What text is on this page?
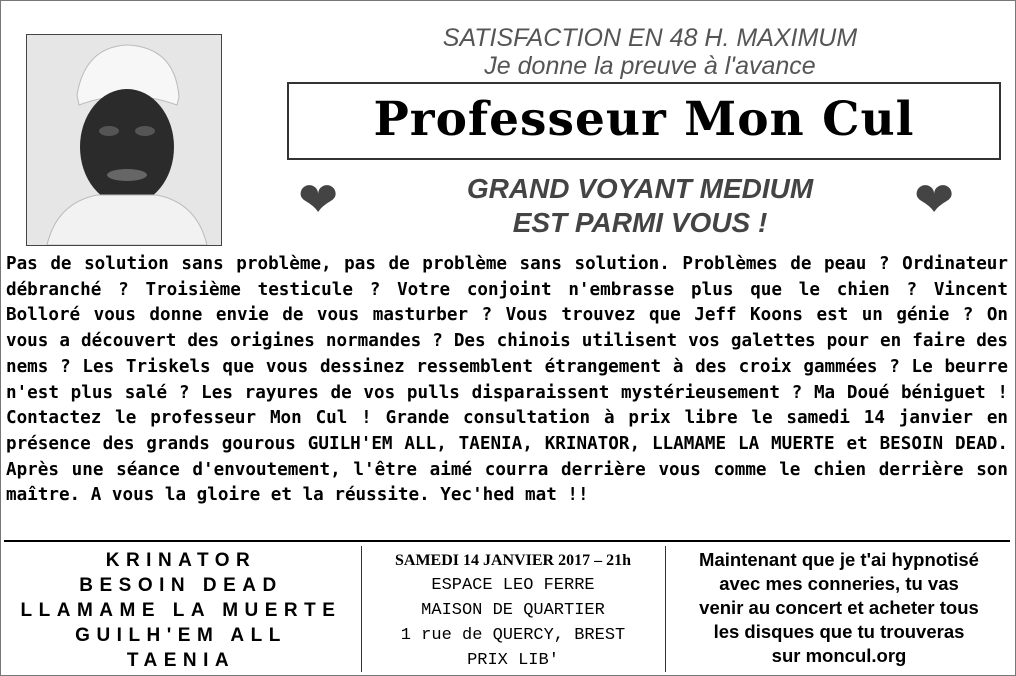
SATISFACTION EN 48 H. MAXIMUM
Je donne la preuve à l'avance
Professeur Mon Cul
❤	❤
GRAND VOYANT MEDIUM
EST PARMI VOUS !
Pas de solution sans problème, pas de problème sans solution. Problèmes de peau ? Ordinateur débranché ? Troisième testicule ? Votre conjoint n'embrasse plus que le chien ? Vincent Bolloré vous donne envie de vous masturber ? Vous trouvez que Jeff Koons est un génie ? On vous a découvert des origines normandes ? Des chinois utilisent vos galettes pour en faire des nems ? Les Triskels que vous dessinez ressemblent étrangement à des croix gammées ? Le beurre n'est plus salé ? Les rayures de vos pulls disparaissent mystérieusement ? Ma Doué béniguet ! Contactez le professeur Mon Cul ! Grande consultation à prix libre le samedi 14 janvier en présence des grands gourous GUILH'EM ALL, TAENIA, KRINATOR, LLAMAME LA MUERTE et BESOIN DEAD. Après une séance d'envoutement, l'être aimé courra derrière vous comme le chien derrière son maître. A vous la gloire et la réussite. Yec'hed mat !!
KRINATOR
BESOIN DEAD
LLAMAME LA MUERTE
GUILH'EM ALL
TAENIA
SAMEDI 14 JANVIER 2017 – 21h
ESPACE LEO FERRE
MAISON DE QUARTIER
1 rue de QUERCY, BREST
PRIX LIB'
Maintenant que je t'ai hypnotisé
avec mes conneries, tu vas
venir au concert et acheter tous
les disques que tu trouveras
sur moncul.org
